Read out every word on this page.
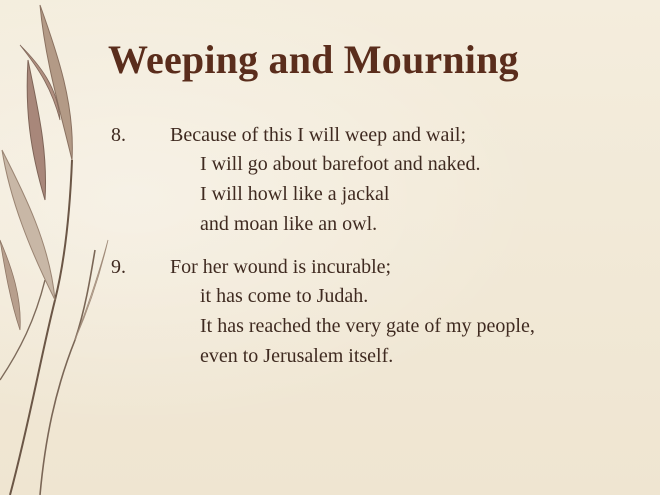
Weeping and Mourning
8. Because of this I will weep and wail;
I will go about barefoot and naked.
I will howl like a jackal
and moan like an owl.
9. For her wound is incurable;
it has come to Judah.
It has reached the very gate of my people,
even to Jerusalem itself.
